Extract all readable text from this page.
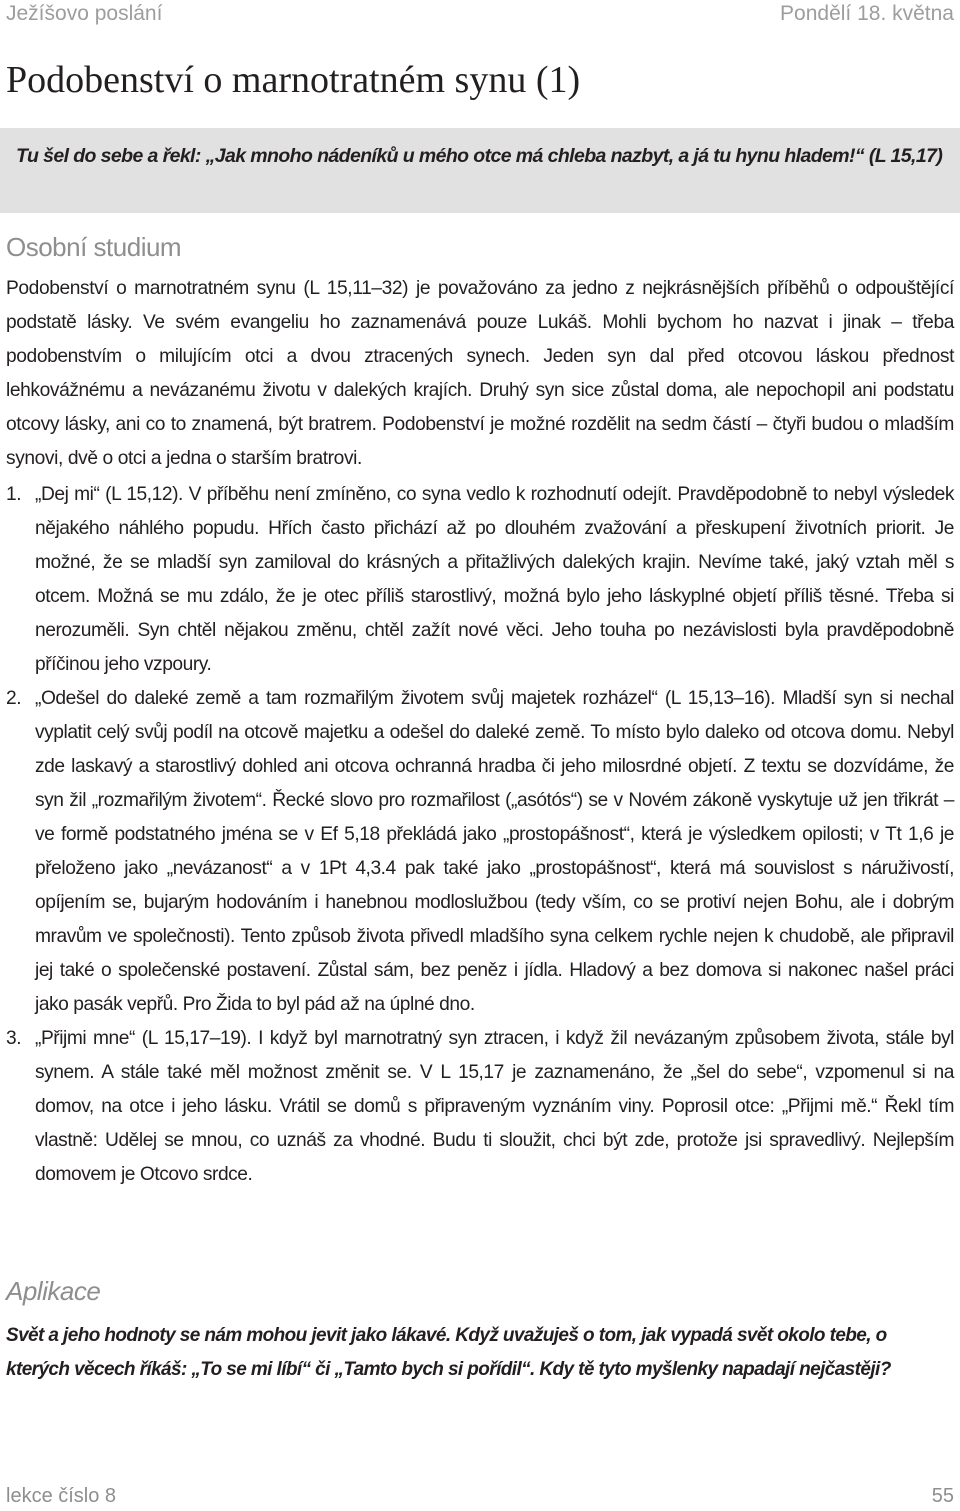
Ježíšovo poslání	Pondělí 18. května
Podobenství o marnotratném synu (1)
Tu šel do sebe a řekl: „Jak mnoho nádeníků u mého otce má chleba nazbyt, a já tu hynu hladem!“ (L 15,17)
Osobní studium
Podobenství o marnotratném synu (L 15,11–32) je považováno za jedno z nejkrásnějších příběhů o odpouštějící podstatě lásky. Ve svém evangeliu ho zaznamenává pouze Lukáš. Mohli bychom ho nazvat i jinak – třeba podobenstvím o milujícím otci a dvou ztracených synech. Jeden syn dal před otcovou láskou přednost lehkovážnému a nevázanému životu v dalekých krajích. Druhý syn sice zůstal doma, ale nepochopil ani podstatu otcovy lásky, ani co to znamená, být bratrem. Podobenství je možné rozdělit na sedm částí – čtyři budou o mladším synovi, dvě o otci a jedna o starším bratrovi.
1. „Dej mi“ (L 15,12). V příběhu není zmíněno, co syna vedlo k rozhodnutí odejít. Pravděpodobně to nebyl výsledek nějakého náhlého popudu. Hřích často přichází až po dlouhém zvažování a přeskupení životních priorit. Je možné, že se mladší syn zamiloval do krásných a přitažlivých dalekých krajin. Nevíme také, jaký vztah měl s otcem. Možná se mu zdálo, že je otec příliš starostlivý, možná bylo jeho láskyplné objetí příliš těsné. Třeba si nerozuměli. Syn chtěl nějakou změnu, chtěl zažít nové věci. Jeho touha po nezávislosti byla pravděpodobně příčinou jeho vzpoury.
2. „Odešel do daleké země a tam rozmařilým životem svůj majetek rozházel“ (L 15,13–16). Mladší syn si nechal vyplatit celý svůj podíl na otcově majetku a odešel do daleké země. To místo bylo daleko od otcova domu. Nebyl zde laskavý a starostlivý dohled ani otcova ochranná hradba či jeho milosrdné objetí. Z textu se dozvídáme, že syn žil „rozmařilým životem“. Řecké slovo pro rozmařilost („asótós“) se v Novém zákoně vyskytuje už jen třikrát – ve formě podstatného jména se v Ef 5,18 překládá jako „prostopášnost“, která je výsledkem opilosti; v Tt 1,6 je přeloženo jako „nevázanost“ a v 1Pt 4,3.4 pak také jako „prostopášnost“, která má souvislost s náruživostí, opíjením se, bujarým hodováním i hanebnou modloslužbou (tedy vším, co se protiví nejen Bohu, ale i dobrým mravům ve společnosti). Tento způsob života přivedl mladšího syna celkem rychle nejen k chudobě, ale připravil jej také o společenské postavení. Zůstal sám, bez peněz i jídla. Hladový a bez domova si nakonec našel práci jako pasák vepřů. Pro Žida to byl pád až na úplné dno.
3. „Přijmi mne“ (L 15,17–19). I když byl marnotratný syn ztracen, i když žil nevázaným způsobem života, stále byl synem. A stále také měl možnost změnit se. V L 15,17 je zaznamenáno, že „šel do sebe“, vzpomenul si na domov, na otce i jeho lásku. Vrátil se domů s připraveným vyznáním viny. Poprosil otce: „Přijmi mě.“ Řekl tím vlastně: Udělej se mnou, co uznáš za vhodné. Budu ti sloužit, chci být zde, protože jsi spravedlivý. Nejlepším domovem je Otcovo srdce.
Aplikace
Svět a jeho hodnoty se nám mohou jevit jako lákavé. Když uvažuješ o tom, jak vypadá svět okolo tebe, o kterých věcech říkáš: „To se mi líbí“ či „Tamto bych si pořídil“. Kdy tě tyto myšlenky napadají nejčastěji?
lekce číslo 8	55
